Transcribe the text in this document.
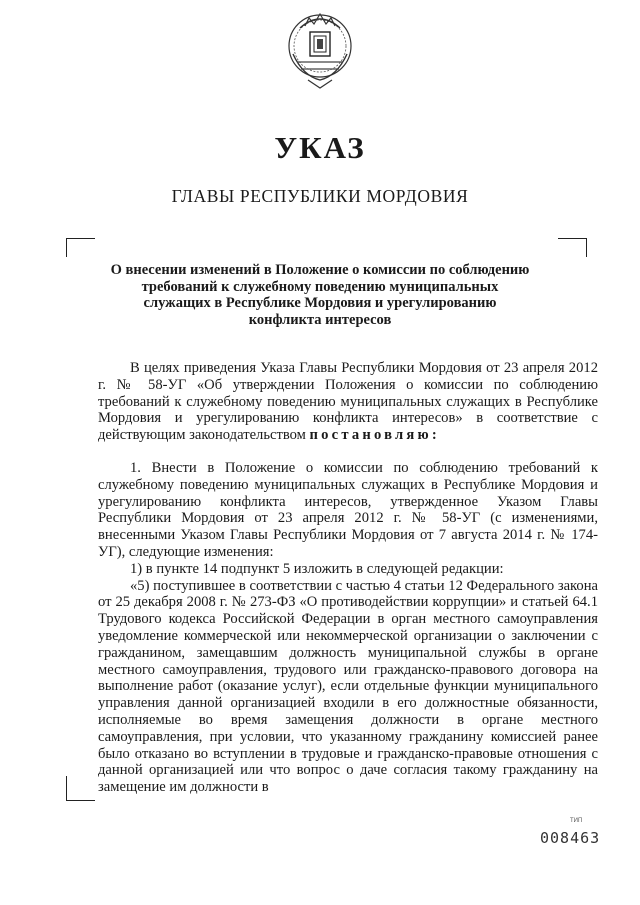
УКАЗ
ГЛАВЫ РЕСПУБЛИКИ МОРДОВИЯ
О внесении изменений в Положение о комиссии по соблюдению
требований к служебному поведению муниципальных
служащих в Республике Мордовия и урегулированию
конфликта интересов

В целях приведения Указа Главы Республики Мордовия от 23 апреля 2012 г. № 58-УГ «Об утверждении Положения о комиссии по соблюдению требований к служебному поведению муниципальных служащих в Республике Мордовия и урегулированию конфликта интересов» в соответствие с действующим законодательством постановляю:

1. Внести в Положение о комиссии по соблюдению требований к служебному поведению муниципальных служащих в Республике Мордовия и урегулированию конфликта интересов, утвержденное Указом Главы Республики Мордовия от 23 апреля 2012 г. № 58-УГ (с изменениями, внесенными Указом Главы Республики Мордовия от 7 августа 2014 г. № 174-УГ), следующие изменения:

1) в пункте 14 подпункт 5 изложить в следующей редакции:

«5) поступившее в соответствии с частью 4 статьи 12 Федерального закона от 25 декабря 2008 г. № 273-ФЗ «О противодействии коррупции» и статьей 64.1 Трудового кодекса Российской Федерации в орган местного самоуправления уведомление коммерческой или некоммерческой организации о заключении с гражданином, замещавшим должность муниципальной службы в органе местного самоуправления, трудового или гражданско-правового договора на выполнение работ (оказание услуг), если отдельные функции муниципального управления данной организацией входили в его должностные обязанности, исполняемые во время замещения должности в органе местного самоуправления, при условии, что указанному гражданину комиссией ранее было отказано во вступлении в трудовые и гражданско-правовые отношения с данной организацией или что вопрос о даче согласия такому гражданину на замещение им должности в

ТИП
008463
